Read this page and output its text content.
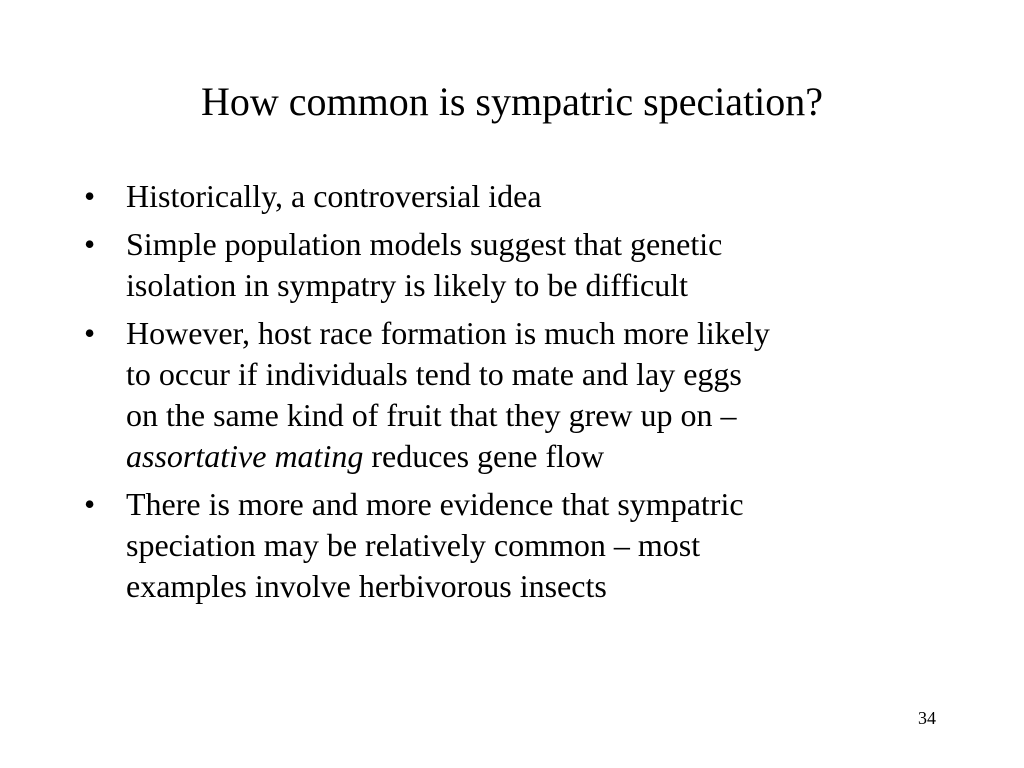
How common is sympatric speciation?
• Historically, a controversial idea
• Simple population models suggest that genetic
isolation in sympatry is likely to be difficult
• However, host race formation is much more likely
to occur if individuals tend to mate and lay eggs
on the same kind of fruit that they grew up on –
assortative mating reduces gene flow
• There is more and more evidence that sympatric
speciation may be relatively common – most
examples involve herbivorous insects
34
